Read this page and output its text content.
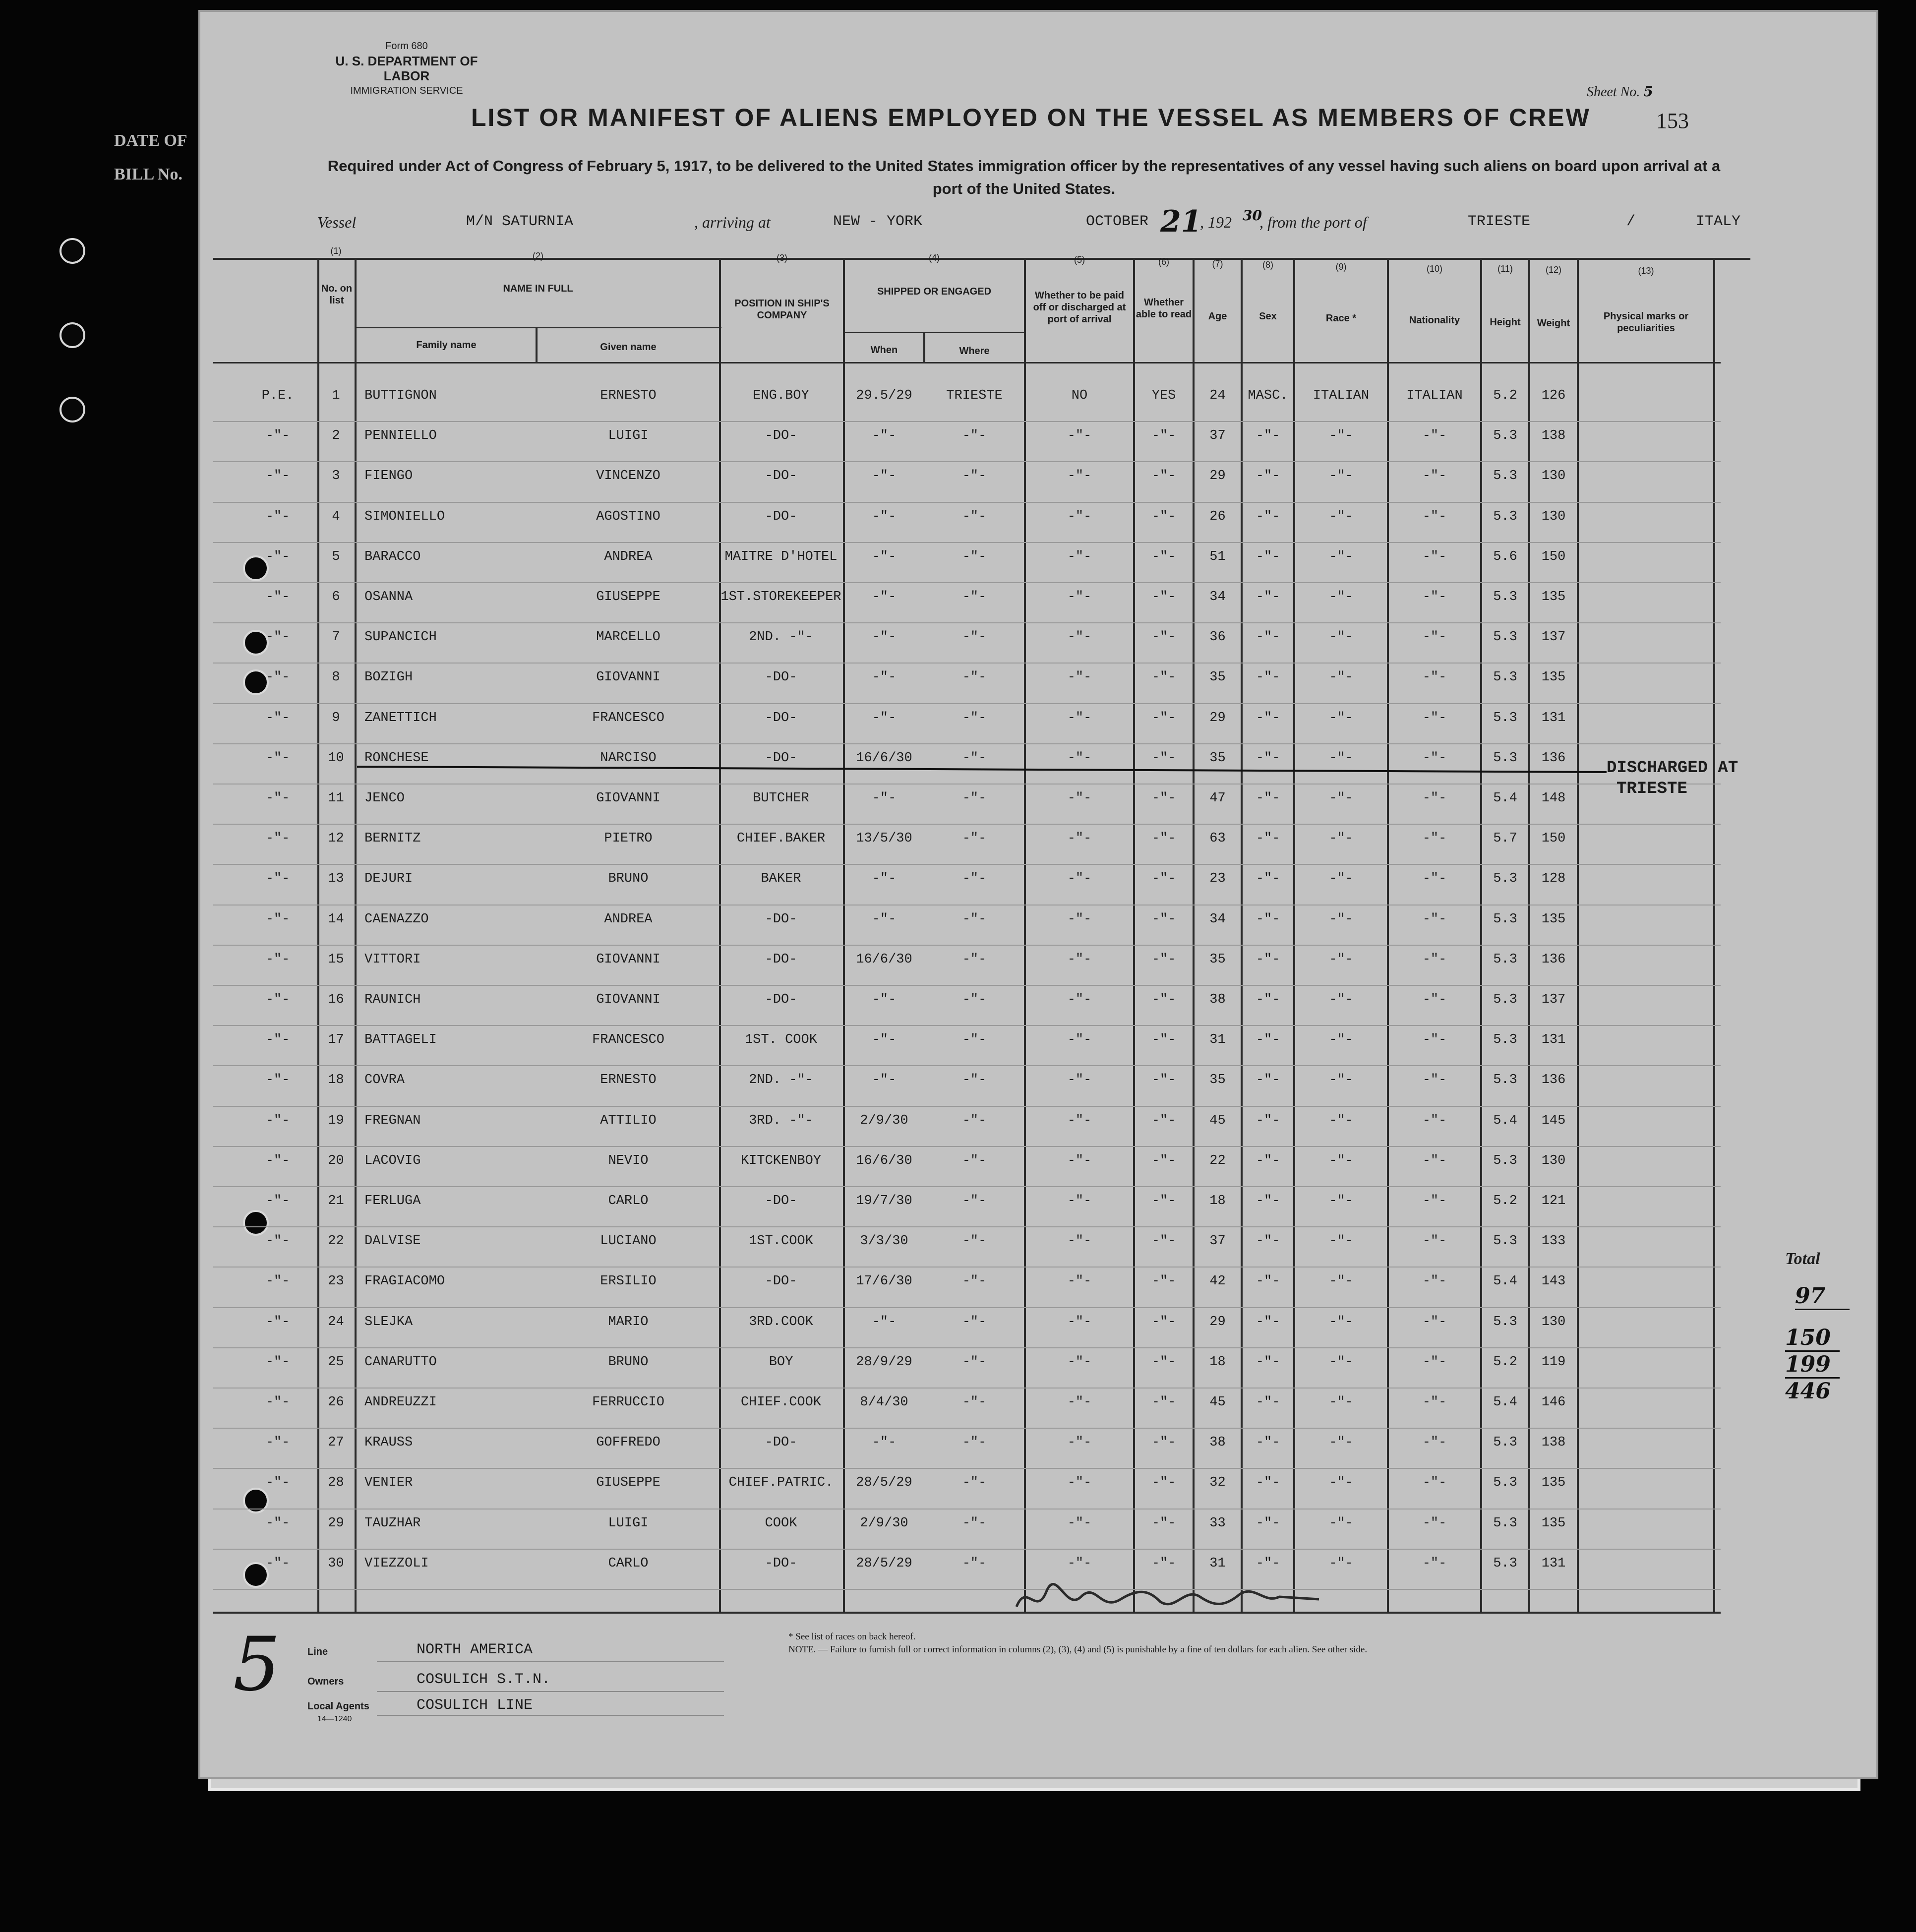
DATE OF
BILL No.
Form 680
U. S. DEPARTMENT OF LABOR
IMMIGRATION SERVICE	Sheet No. 5
LIST OR MANIFEST OF ALIENS EMPLOYED ON THE VESSEL AS MEMBERS OF CREW	153
Required under Act of Congress of February 5, 1917, to be delivered to the United States immigration officer by the representatives of any vessel having such aliens on board upon arrival at a port of the United States.
Vessel	M/N SATURNIA	, arriving at	NEW - YORK	OCTOBER 21
, 192 30
, from the port of	TRIESTE	/	ITALY
(1)
No. on list
(2)
NAME IN FULL
Family name	Given name
(3)
POSITION IN SHIP'S COMPANY
(4)
SHIPPED OR ENGAGED
When	Where
(5)
Whether to be paid off or discharged at port of arrival
(6)
Whether able to read
(7)
Age
(8)
Sex
(9)
Race *
(10)
Nationality
(11)
Height
(12)
Weight
(13)
Physical marks or peculiarities
P.E.	1	BUTTIGNON	ERNESTO	ENG.BOY	29.5/29	TRIESTE	NO	YES	24	MASC.	ITALIAN	ITALIAN	5.2	126
-"-	2	PENNIELLO	LUIGI	-DO-	-"-	-"-	-"-	-"-	37	-"-	-"-	-"-	5.3	138
-"-	3	FIENGO	VINCENZO	-DO-	-"-	-"-	-"-	-"-	29	-"-	-"-	-"-	5.3	130
-"-	4	SIMONIELLO	AGOSTINO	-DO-	-"-	-"-	-"-	-"-	26	-"-	-"-	-"-	5.3	130
-"-	5	BARACCO	ANDREA	MAITRE D'HOTEL	-"-	-"-	-"-	-"-	51	-"-	-"-	-"-	5.6	150
-"-	6	OSANNA	GIUSEPPE	1ST.STOREKEEPER	-"-	-"-	-"-	-"-	34	-"-	-"-	-"-	5.3	135
-"-	7	SUPANCICH	MARCELLO	2ND. -"-	-"-	-"-	-"-	-"-	36	-"-	-"-	-"-	5.3	137
-"-	8	BOZIGH	GIOVANNI	-DO-	-"-	-"-	-"-	-"-	35	-"-	-"-	-"-	5.3	135
-"-	9	ZANETTICH	FRANCESCO	-DO-	-"-	-"-	-"-	-"-	29	-"-	-"-	-"-	5.3	131
-"-	10	RONCHESE	NARCISO	-DO-	16/6/30	-"-	-"-	-"-	35	-"-	-"-	-"-	5.3	136
-"-	11	JENCO	GIOVANNI	BUTCHER	-"-	-"-	-"-	-"-	47	-"-	-"-	-"-	5.4	148
-"-	12	BERNITZ	PIETRO	CHIEF.BAKER	13/5/30	-"-	-"-	-"-	63	-"-	-"-	-"-	5.7	150
-"-	13	DEJURI	BRUNO	BAKER	-"-	-"-	-"-	-"-	23	-"-	-"-	-"-	5.3	128
-"-	14	CAENAZZO	ANDREA	-DO-	-"-	-"-	-"-	-"-	34	-"-	-"-	-"-	5.3	135
-"-	15	VITTORI	GIOVANNI	-DO-	16/6/30	-"-	-"-	-"-	35	-"-	-"-	-"-	5.3	136
-"-	16	RAUNICH	GIOVANNI	-DO-	-"-	-"-	-"-	-"-	38	-"-	-"-	-"-	5.3	137
-"-	17	BATTAGELI	FRANCESCO	1ST. COOK	-"-	-"-	-"-	-"-	31	-"-	-"-	-"-	5.3	131
-"-	18	COVRA	ERNESTO	2ND. -"-	-"-	-"-	-"-	-"-	35	-"-	-"-	-"-	5.3	136
-"-	19	FREGNAN	ATTILIO	3RD. -"-	2/9/30	-"-	-"-	-"-	45	-"-	-"-	-"-	5.4	145
-"-	20	LACOVIG	NEVIO	KITCKENBOY	16/6/30	-"-	-"-	-"-	22	-"-	-"-	-"-	5.3	130
-"-	21	FERLUGA	CARLO	-DO-	19/7/30	-"-	-"-	-"-	18	-"-	-"-	-"-	5.2	121
-"-	22	DALVISE	LUCIANO	1ST.COOK	3/3/30	-"-	-"-	-"-	37	-"-	-"-	-"-	5.3	133
-"-	23	FRAGIACOMO	ERSILIO	-DO-	17/6/30	-"-	-"-	-"-	42	-"-	-"-	-"-	5.4	143
-"-	24	SLEJKA	MARIO	3RD.COOK	-"-	-"-	-"-	-"-	29	-"-	-"-	-"-	5.3	130
-"-	25	CANARUTTO	BRUNO	BOY	28/9/29	-"-	-"-	-"-	18	-"-	-"-	-"-	5.2	119
-"-	26	ANDREUZZI	FERRUCCIO	CHIEF.COOK	8/4/30	-"-	-"-	-"-	45	-"-	-"-	-"-	5.4	146
-"-	27	KRAUSS	GOFFREDO	-DO-	-"-	-"-	-"-	-"-	38	-"-	-"-	-"-	5.3	138
-"-	28	VENIER	GIUSEPPE	CHIEF.PATRIC.	28/5/29	-"-	-"-	-"-	32	-"-	-"-	-"-	5.3	135
-"-	29	TAUZHAR	LUIGI	COOK	2/9/30	-"-	-"-	-"-	33	-"-	-"-	-"-	5.3	135
-"-	30	VIEZZOLI	CARLO	-DO-	28/5/29	-"-	-"-	-"-	31	-"-	-"-	-"-	5.3	131
DISCHARGED AT
TRIESTE
Line	NORTH AMERICA
Owners	COSULICH S.T.N.
Local Agents	COSULICH LINE
14—1240
5	* See list of races on back hereof.
NOTE. — Failure to furnish full or correct information in columns (2), (3), (4) and (5) is punishable by a fine of ten dollars for each alien. See other side.
Total
97
150
199
446
